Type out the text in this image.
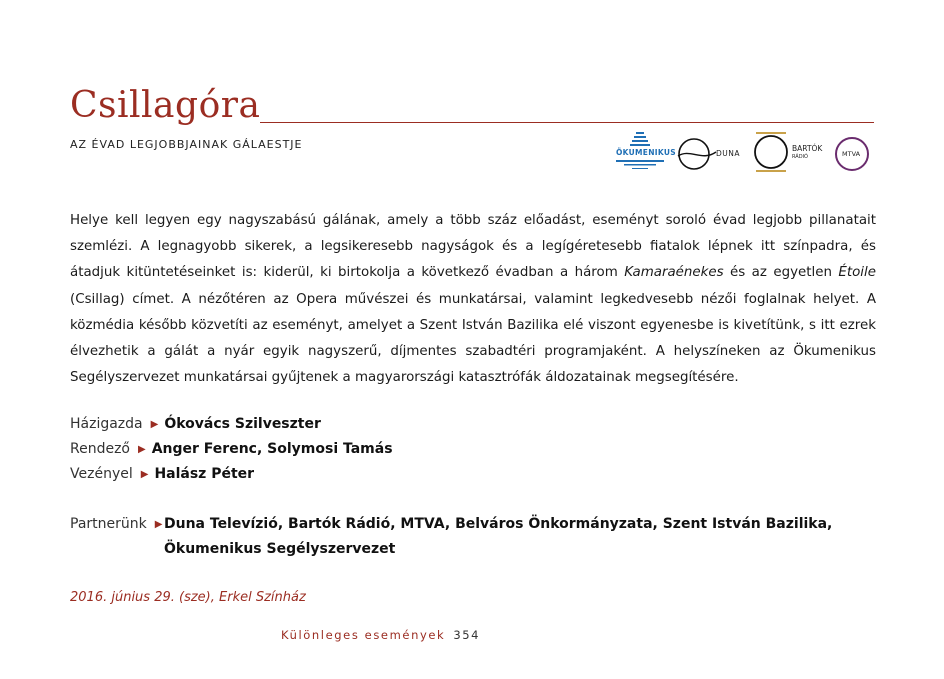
Csillagóra
AZ ÉVAD LEGJOBBJAINAK GÁLAESTJE
ÖKUMENIKUS	DUNA
BARTÓK
RÁDIÓ	MTVA

Helye kell legyen egy nagyszabású gálának, amely a több száz előadást, eseményt soroló évad legjobb pillanatait szemlézi. A legnagyobb sikerek, a legsikeresebb nagyságok és a legígéretesebb fiatalok lépnek itt színpadra, és átadjuk kitüntetéseinket is: kiderül, ki birtokolja a következő évadban a három Kamaraénekes és az egyetlen Étoile (Csillag) címet. A nézőtéren az Opera művészei és munkatársai, valamint legkedvesebb nézői foglalnak helyet. A közmédia később közvetíti az eseményt, amelyet a Szent István Bazilika elé viszont egyenesbe is kivetítünk, s itt ezrek élvezhetik a gálát a nyár egyik nagyszerű, díjmentes szabadtéri programjaként. A helyszíneken az Ökumenikus Segélyszervezet munkatársai gyűjtenek a magyarországi katasztrófák áldozatainak megsegítésére.

Házigazda ▶ Ókovács Szilveszter
Rendező ▶ Anger Ferenc, Solymosi Tamás
Vezényel ▶ Halász Péter
Partnerünk ▶ Duna Televízió, Bartók Rádió, MTVA, Belváros Önkormányzata, Szent István Bazilika,
Ökumenikus Segélyszervezet
2016. június 29. (sze), Erkel Színház
Különleges események 354
